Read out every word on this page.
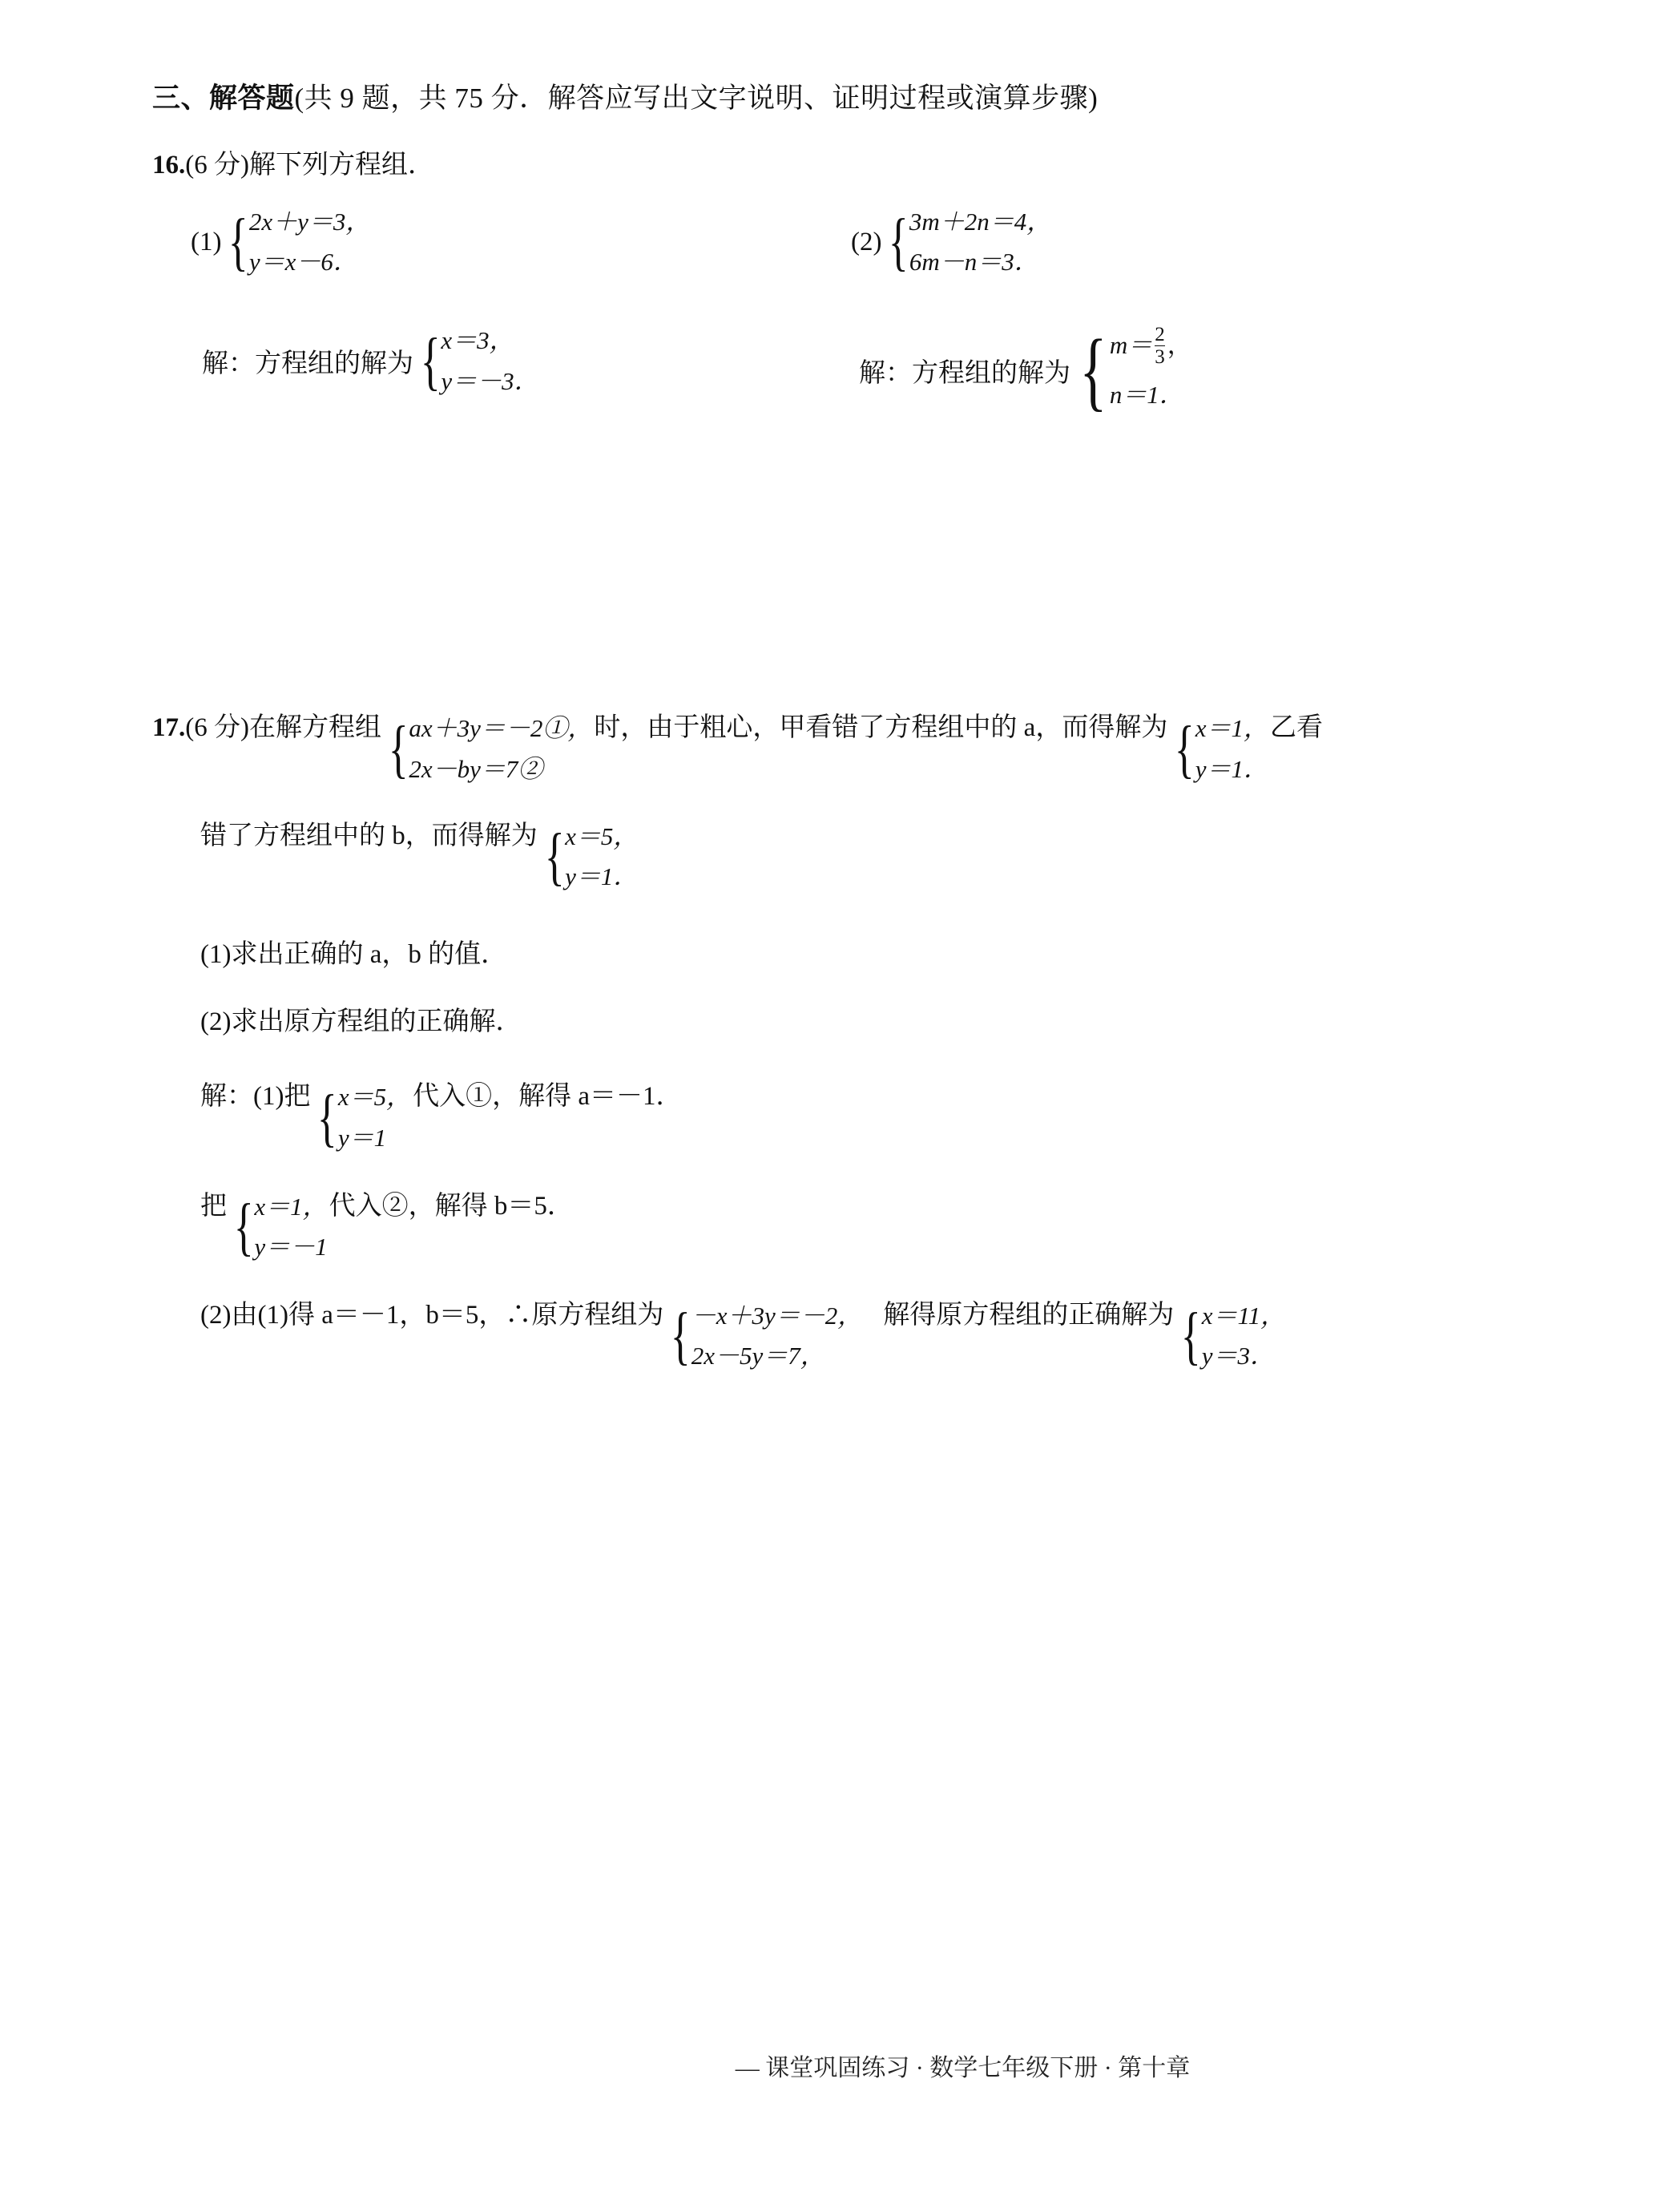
三、解答题(共 9 题，共 75 分．解答应写出文字说明、证明过程或演算步骤)
16.(6 分)解下列方程组．
(1) { 2x＋y＝3，
y＝x－6．
解：方程组的解为 { x＝3，
y＝－3．
(2) { 3m＋2n＝4，
6m－n＝3．
解：方程组的解为 { $m= \frac{2}{3}$ ，
n＝1．
17. (6 分) 在解方程组 { ax＋3y＝－2①，
2x－by＝7②
时，由于粗心，甲看错了方程组中的 a，而得解为 { x＝1，
y＝1．
乙看
错了方程组中的 b，而得解为 { x＝5，
y＝1．
(1)求出正确的 a，b 的值．
(2)求出原方程组的正确解．
解：(1)把 { x＝5，
y＝1
代入①，解得 a＝－1．
把 { x＝1，
y＝－1
代入②，解得 b＝5．
(2)由(1)得 a＝－1，b＝5，∴原方程组为 { －x＋3y＝－2，
2x－5y＝7，
解得原方程组的正确解为 { x＝11，
y＝3．
— 课堂巩固练习 · 数学七年级下册 · 第十章
